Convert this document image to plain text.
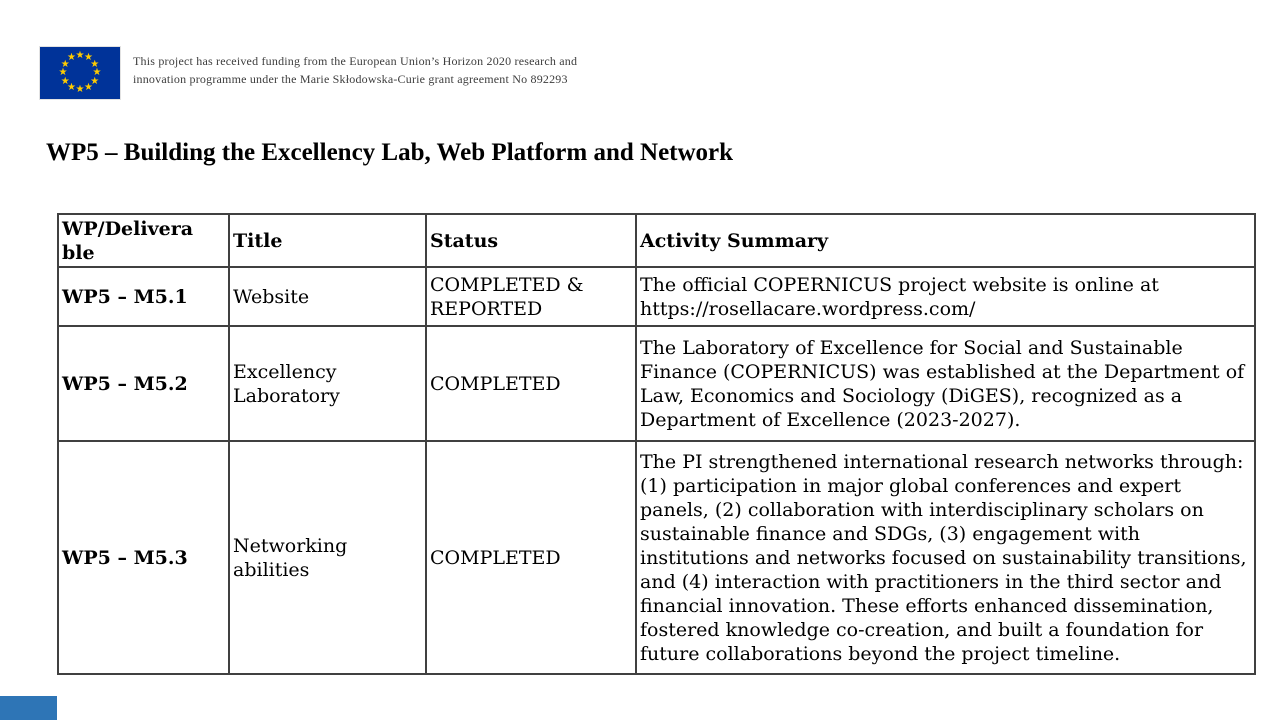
★ ★
★
★
★
★
★
★
★
★
★
★	This project has received funding from the European Union’s Horizon 2020 research and
innovation programme under the Marie Skłodowska-Curie grant agreement No 892293
WP5 – Building the Excellency Lab, Web Platform and Network
WP/Deliverable	Title	Status	Activity Summary
WP5 – M5.1	Website	COMPLETED & REPORTED	The official COPERNICUS project website is online at https://rosellacare.wordpress.com/
WP5 – M5.2	Excellency Laboratory	COMPLETED	The Laboratory of Excellence for Social and Sustainable Finance (COPERNICUS) was established at the Department of Law, Economics and Sociology (DiGES), recognized as a Department of Excellence (2023-2027).
WP5 – M5.3	Networking abilities	COMPLETED	The PI strengthened international research networks through: (1) participation in major global conferences and expert panels, (2) collaboration with interdisciplinary scholars on sustainable finance and SDGs, (3) engagement with institutions and networks focused on sustainability transitions, and (4) interaction with practitioners in the third sector and financial innovation. These efforts enhanced dissemination, fostered knowledge co-creation, and built a foundation for future collaborations beyond the project timeline.
